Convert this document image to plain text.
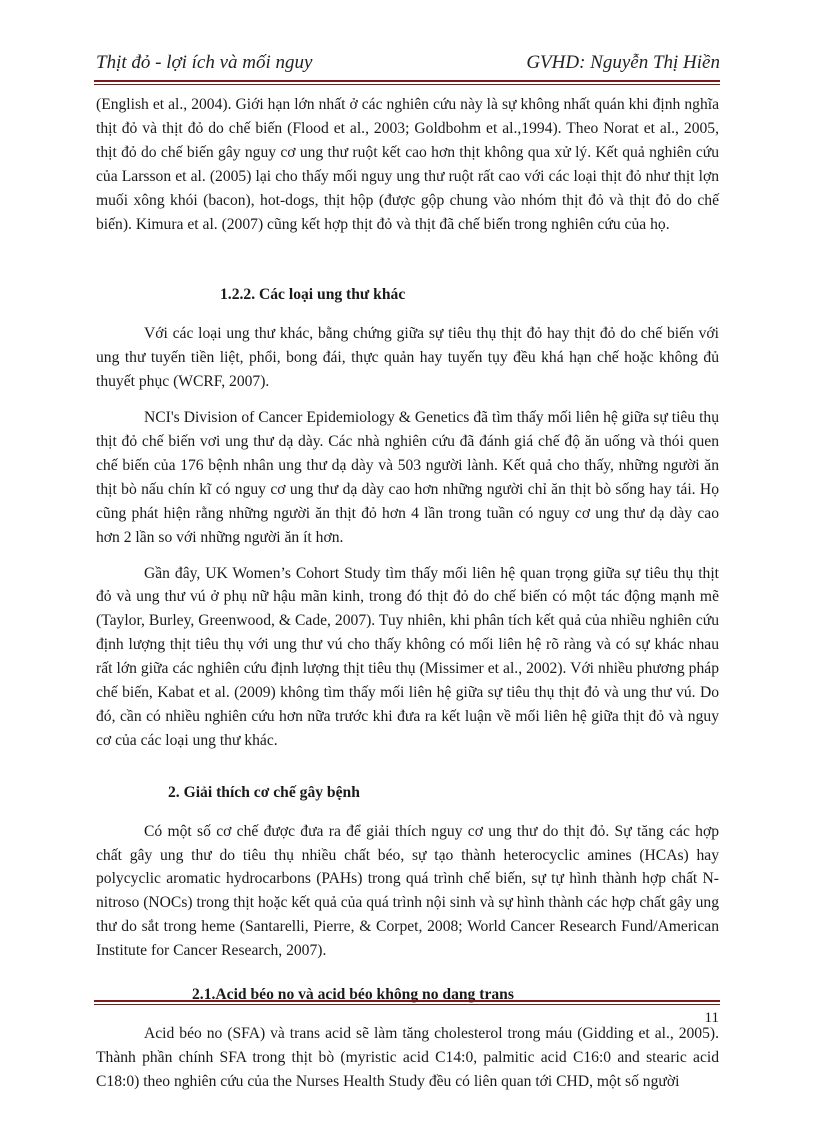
Thịt đỏ - lợi ích và mối nguy	GVHD: Nguyễn Thị Hiền

(English et al., 2004). Giới hạn lớn nhất ở các nghiên cứu này là sự không nhất quán khi định nghĩa thịt đỏ và thịt đỏ do chế biến (Flood et al., 2003; Goldbohm et al.,1994). Theo Norat et al., 2005, thịt đỏ do chế biến gây nguy cơ ung thư ruột kết cao hơn thịt không qua xử lý. Kết quả nghiên cứu của Larsson et al. (2005) lại cho thấy mối nguy ung thư ruột rất cao với các loại thịt đỏ như thịt lợn muối xông khói (bacon), hot-dogs, thịt hộp (được gộp chung vào nhóm thịt đỏ và thịt đỏ do chế biến). Kimura et al. (2007) cũng kết hợp thịt đỏ và thịt đã chế biến trong nghiên cứu của họ.

1.2.2. Các loại ung thư khác

Với các loại ung thư khác, bằng chứng giữa sự tiêu thụ thịt đỏ hay thịt đỏ do chế biến với ung thư tuyến tiền liệt, phổi, bong đái, thực quản hay tuyến tụy đều khá hạn chế hoặc không đủ thuyết phục (WCRF, 2007).

NCI's Division of Cancer Epidemiology & Genetics đã tìm thấy mối liên hệ giữa sự tiêu thụ thịt đỏ chế biến vơi ung thư dạ dày. Các nhà nghiên cứu đã đánh giá chế độ ăn uống và thói quen chế biến của 176 bệnh nhân ung thư dạ dày và 503 người lành. Kết quả cho thấy, những người ăn thịt bò nấu chín kĩ có nguy cơ ung thư dạ dày cao hơn những người chỉ ăn thịt bò sống hay tái. Họ cũng phát hiện rằng những người ăn thịt đỏ hơn 4 lần trong tuần có nguy cơ ung thư dạ dày cao hơn 2 lần so với những người ăn ít hơn.

Gần đây, UK Women’s Cohort Study tìm thấy mối liên hệ quan trọng giữa sự tiêu thụ thịt đỏ và ung thư vú ở phụ nữ hậu mãn kinh, trong đó thịt đỏ do chế biến có một tác động mạnh mẽ (Taylor, Burley, Greenwood, & Cade, 2007). Tuy nhiên, khi phân tích kết quả của nhiều nghiên cứu định lượng thịt tiêu thụ với ung thư vú cho thấy không có mối liên hệ rõ ràng và có sự khác nhau rất lớn giữa các nghiên cứu định lượng thịt tiêu thụ (Missimer et al., 2002). Với nhiều phương pháp chế biến, Kabat et al. (2009) không tìm thấy mối liên hệ giữa sự tiêu thụ thịt đỏ và ung thư vú. Do đó, cần có nhiều nghiên cứu hơn nữa trước khi đưa ra kết luận về mối liên hệ giữa thịt đỏ và nguy cơ của các loại ung thư khác.

2. Giải thích cơ chế gây bệnh

Có một số cơ chế được đưa ra để giải thích nguy cơ ung thư do thịt đỏ. Sự tăng các hợp chất gây ung thư do tiêu thụ nhiều chất béo, sự tạo thành heterocyclic amines (HCAs) hay polycyclic aromatic hydrocarbons (PAHs) trong quá trình chế biến, sự tự hình thành hợp chất N-nitroso (NOCs) trong thịt hoặc kết quả của quá trình nội sinh và sự hình thành các hợp chất gây ung thư do sắt trong heme (Santarelli, Pierre, & Corpet, 2008; World Cancer Research Fund/American Institute for Cancer Research, 2007).

2.1.Acid béo no và acid béo không no dạng trans

Acid béo no (SFA) và trans acid sẽ làm tăng cholesterol trong máu (Gidding et al., 2005). Thành phần chính SFA trong thịt bò (myristic acid C14:0, palmitic acid C16:0 and stearic acid C18:0) theo nghiên cứu của the Nurses Health Study đều có liên quan tới CHD, một số người

11
